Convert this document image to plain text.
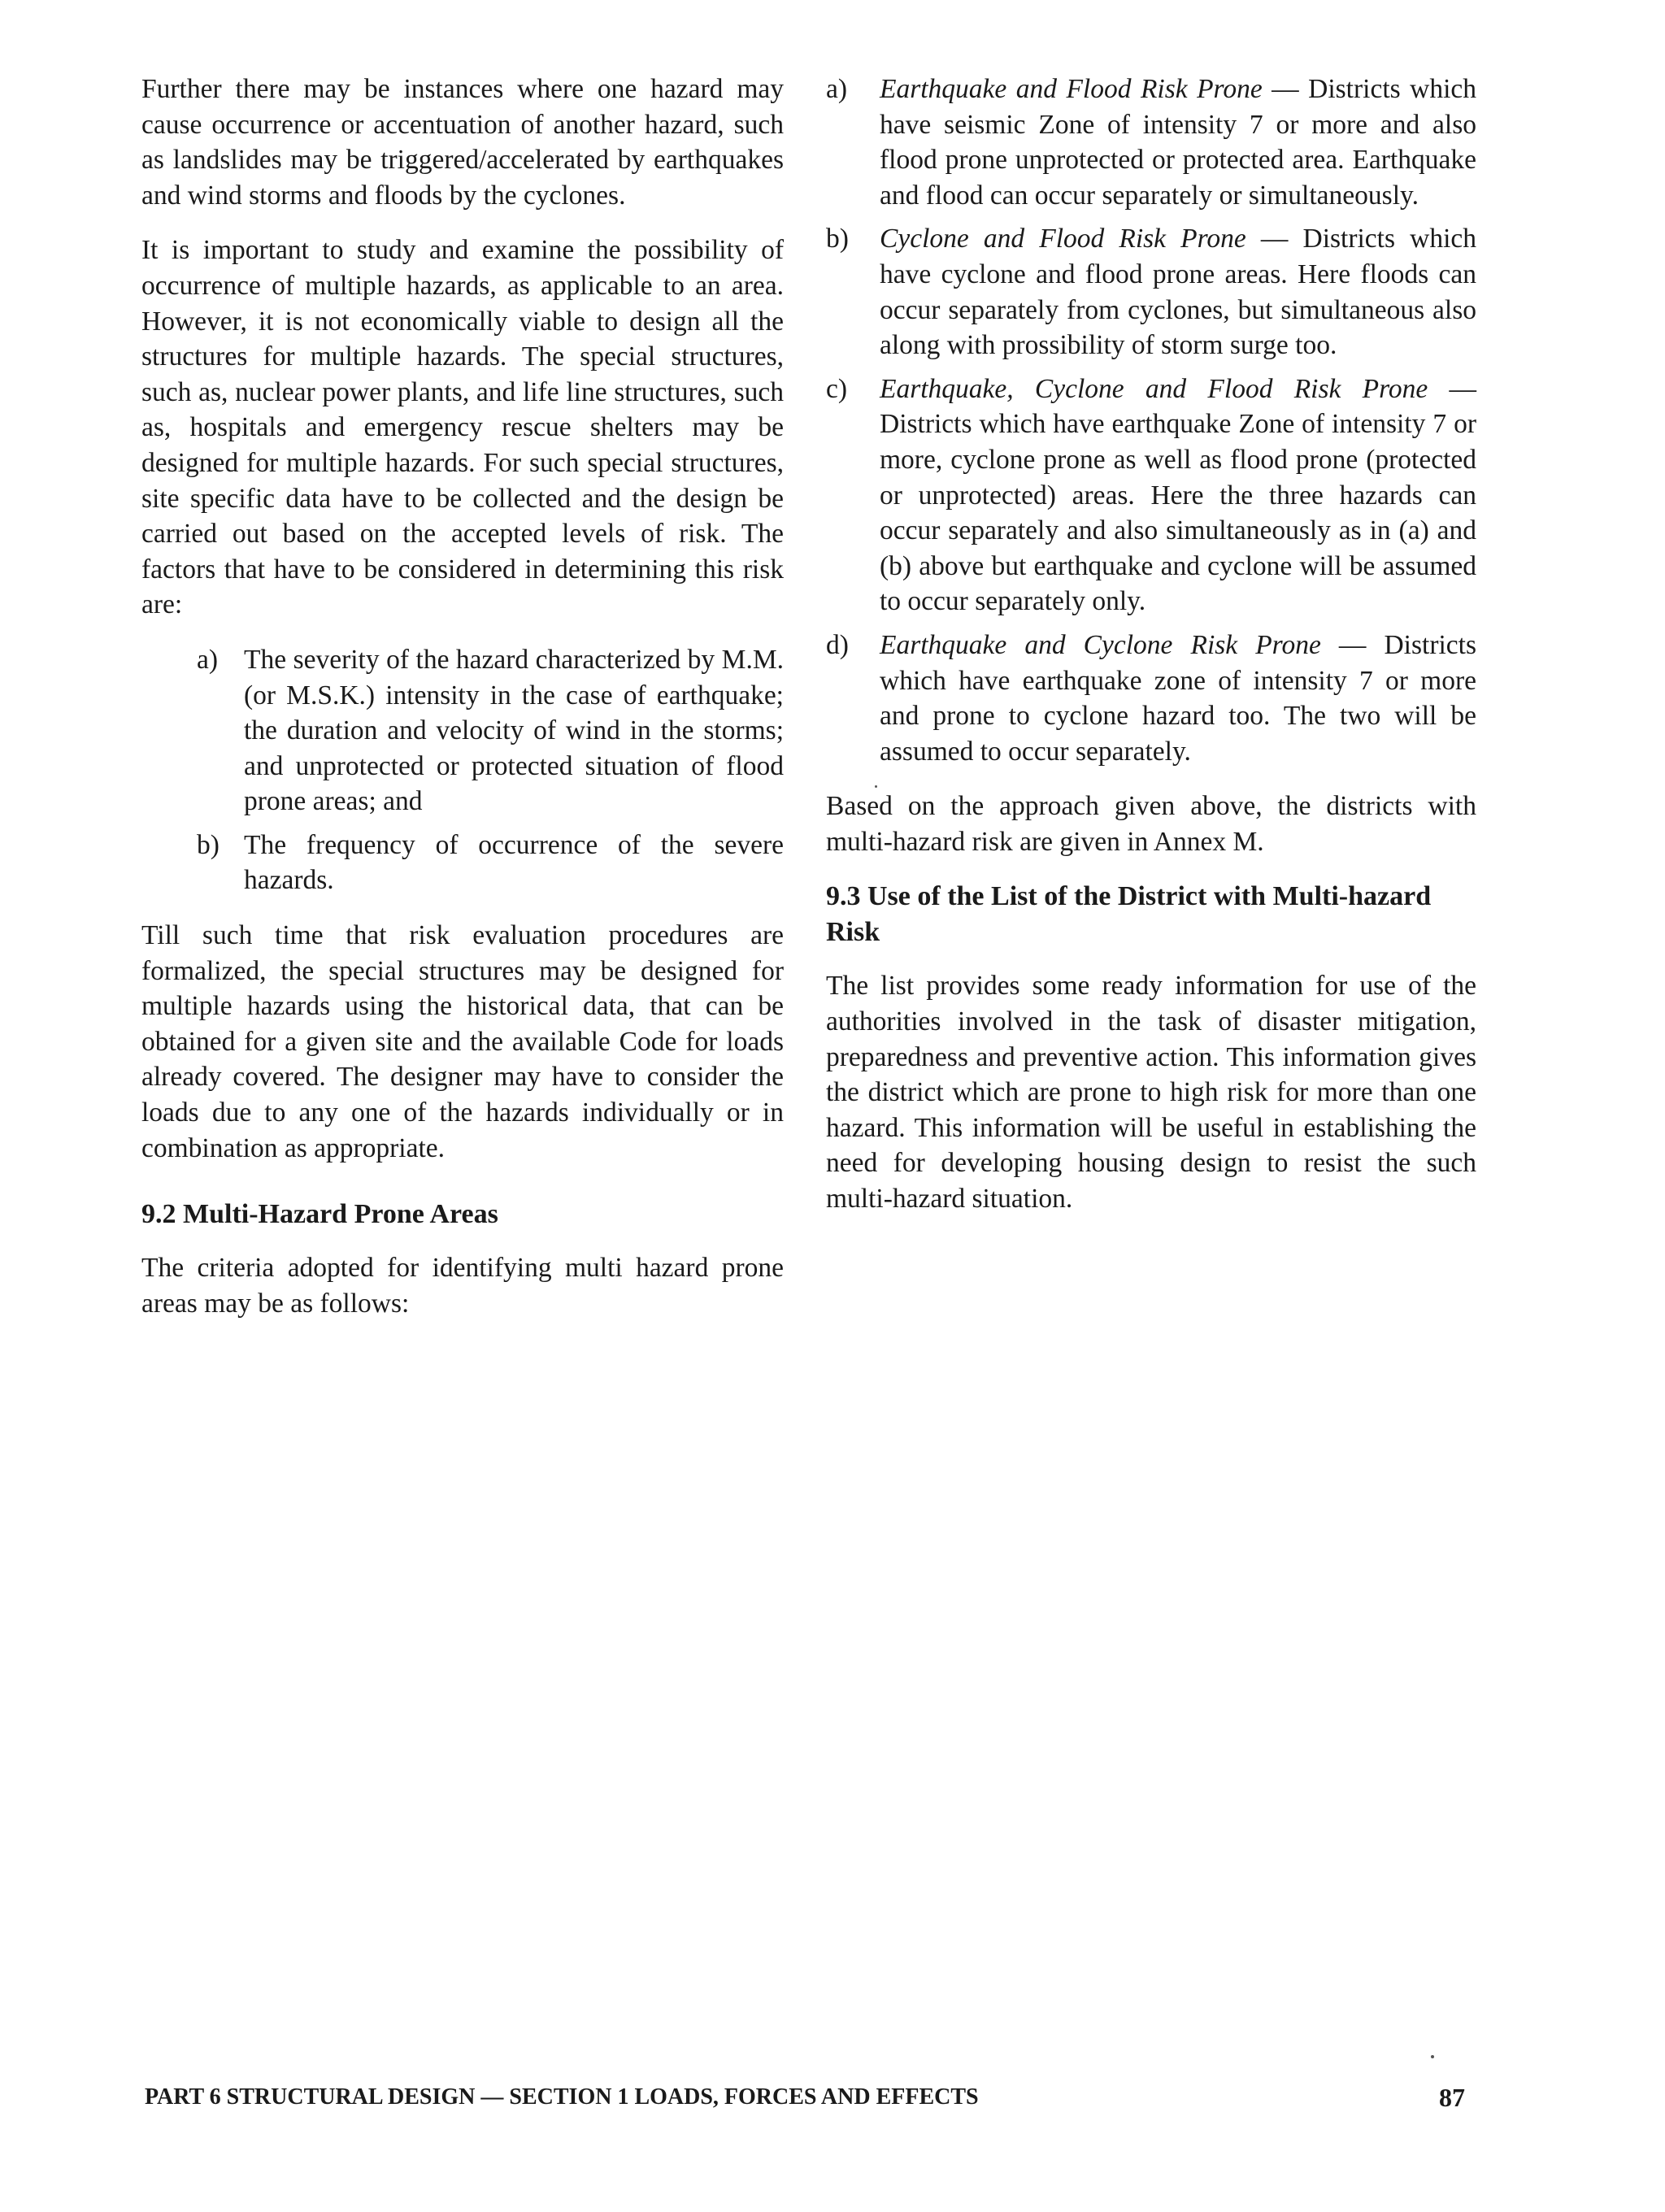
Further there may be instances where one hazard may cause occurrence or accentuation of another hazard, such as landslides may be triggered/accelerated by earthquakes and wind storms and floods by the cyclones.

It is important to study and examine the possibility of occurrence of multiple hazards, as applicable to an area. However, it is not economically viable to design all the structures for multiple hazards. The special structures, such as, nuclear power plants, and life line structures, such as, hospitals and emergency rescue shelters may be designed for multiple hazards. For such special structures, site specific data have to be collected and the design be carried out based on the accepted levels of risk. The factors that have to be considered in determining this risk are:

a) The severity of the hazard characterized by M.M. (or M.S.K.) intensity in the case of earthquake; the duration and velocity of wind in the storms; and unprotected or protected situation of flood prone areas; and
b) The frequency of occurrence of the severe hazards.

Till such time that risk evaluation procedures are formalized, the special structures may be designed for multiple hazards using the historical data, that can be obtained for a given site and the available Code for loads already covered. The designer may have to consider the loads due to any one of the hazards individually or in combination as appropriate.

9.2 Multi-Hazard Prone Areas

The criteria adopted for identifying multi hazard prone areas may be as follows:

a)	Earthquake and Flood Risk Prone — Districts which have seismic Zone of intensity 7 or more and also flood prone unprotected or protected area. Earthquake and flood can occur separately or simultaneously.
b)	Cyclone and Flood Risk Prone — Districts which have cyclone and flood prone areas. Here floods can occur separately from cyclones, but simultaneous also along with prossibility of storm surge too.
c)	Earthquake, Cyclone and Flood Risk Prone — Districts which have earthquake Zone of intensity 7 or more, cyclone prone as well as flood prone (protected or unprotected) areas. Here the three hazards can occur separately and also simultaneously as in (a) and (b) above but earthquake and cyclone will be assumed to occur separately only.
d)	Earthquake and Cyclone Risk Prone — Districts which have earthquake zone of intensity 7 or more and prone to cyclone hazard too. The two will be assumed to occur separately.

Based on the approach given above, the districts with multi-hazard risk are given in Annex M.

9.3 Use of the List of the District with Multi-hazard Risk

The list provides some ready information for use of the authorities involved in the task of disaster mitigation, preparedness and preventive action. This information gives the district which are prone to high risk for more than one hazard. This information will be useful in establishing the need for developing housing design to resist the such multi-hazard situation.

PART 6 STRUCTURAL DESIGN — SECTION 1 LOADS, FORCES AND EFFECTS	87
